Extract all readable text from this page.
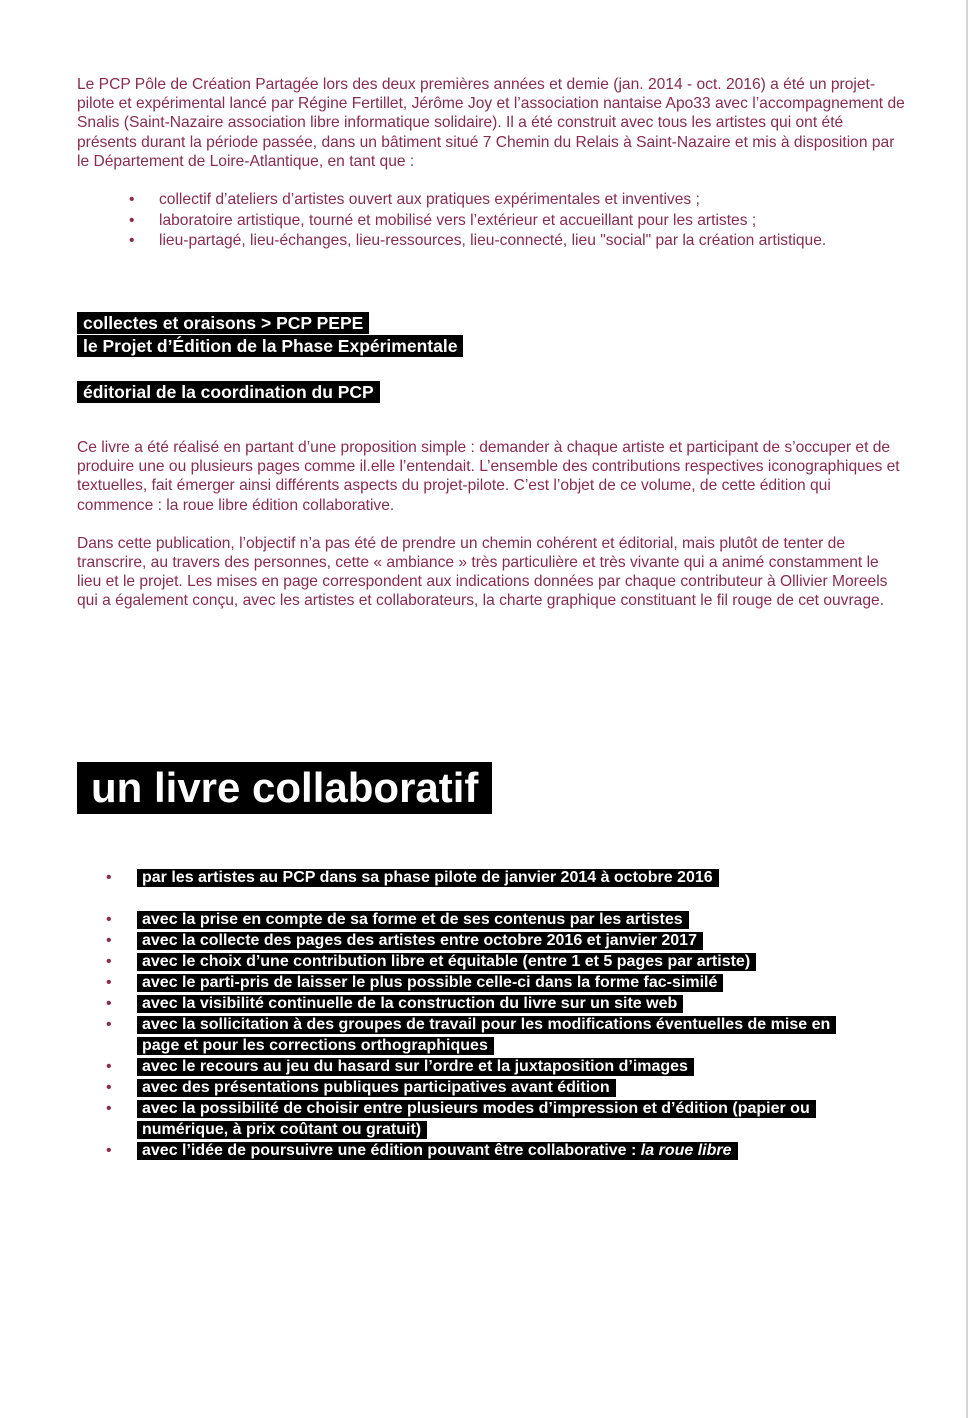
Le PCP Pôle de Création Partagée lors des deux premières années et demie (jan. 2014 - oct. 2016) a été un projet-pilote et expérimental lancé par Régine Fertillet, Jérôme Joy et l’association nantaise Apo33 avec l’accompagnement de Snalis (Saint-Nazaire association libre informatique solidaire). Il a été construit avec tous les artistes qui ont été présents durant la période passée, dans un bâtiment situé 7 Chemin du Relais à Saint-Nazaire et mis à disposition par le Département de Loire-Atlantique, en tant que :

• collectif d’ateliers d’artistes ouvert aux pratiques expérimentales et inventives ;
• laboratoire artistique, tourné et mobilisé vers l’extérieur et accueillant pour les artistes ;
• lieu-partagé, lieu-échanges, lieu-ressources, lieu-connecté, lieu "social" par la création artistique.
collectes et oraisons > PCP PEPE
le Projet d’Édition de la Phase Expérimentale
éditorial de la coordination du PCP

Ce livre a été réalisé en partant d’une proposition simple : demander à chaque artiste et participant de s’occuper et de produire une ou plusieurs pages comme il.elle l’entendait. L’ensemble des contributions respectives iconographiques et textuelles, fait émerger ainsi différents aspects du projet-pilote. C’est l’objet de ce volume, de cette édition qui commence : la roue libre édition collaborative.

Dans cette publication, l’objectif n’a pas été de prendre un chemin cohérent et éditorial, mais plutôt de tenter de transcrire, au travers des personnes, cette « ambiance » très particulière et très vivante qui a animé constamment le lieu et le projet. Les mises en page correspondent aux indications données par chaque contributeur à Ollivier Moreels qui a également conçu, avec les artistes et collaborateurs, la charte graphique constituant le fil rouge de cet ouvrage.

un livre collaboratif
• par les artistes au PCP dans sa phase pilote de janvier 2014 à octobre 2016
• avec la prise en compte de sa forme et de ses contenus par les artistes
• avec la collecte des pages des artistes entre octobre 2016 et janvier 2017
• avec le choix d’une contribution libre et équitable (entre 1 et 5 pages par artiste)
• avec le parti-pris de laisser le plus possible celle-ci dans la forme fac-similé
• avec la visibilité continuelle de la construction du livre sur un site web
• avec la sollicitation à des groupes de travail pour les modifications éventuelles de mise en page et pour les corrections orthographiques
• avec le recours au jeu du hasard sur l’ordre et la juxtaposition d’images
• avec des présentations publiques participatives avant édition
• avec la possibilité de choisir entre plusieurs modes d’impression et d’édition (papier ou numérique, à prix coûtant ou gratuit)
• avec l’idée de poursuivre une édition pouvant être collaborative : la roue libre
